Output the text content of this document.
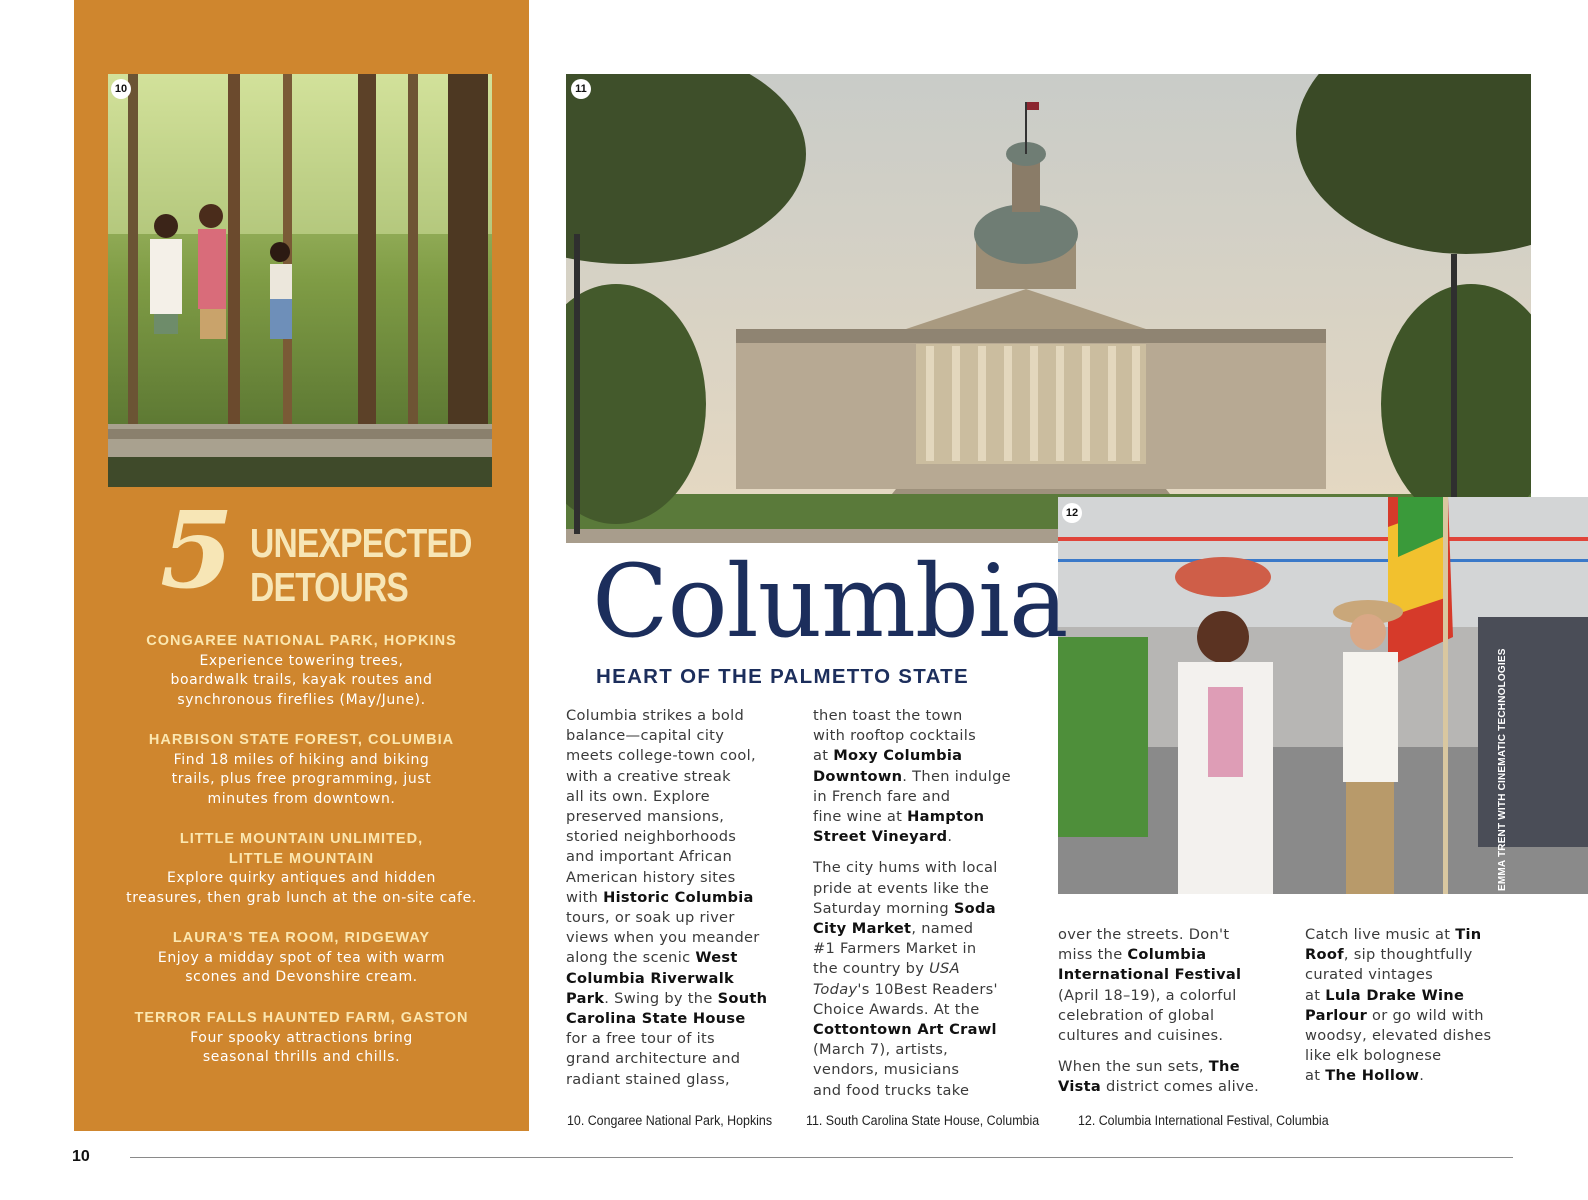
10	11
12
EMMA TRENT WITH CINEMATIC TECHNOLOGIES
5 UNEXPECTED
DETOURS
CONGAREE NATIONAL PARK, HOPKINS
Experience towering trees,
boardwalk trails, kayak routes and
synchronous fireflies (May/June).
HARBISON STATE FOREST, COLUMBIA
Find 18 miles of hiking and biking
trails, plus free programming, just
minutes from downtown.
LITTLE MOUNTAIN UNLIMITED,
LITTLE MOUNTAIN
Explore quirky antiques and hidden
treasures, then grab lunch at the on-site cafe.
LAURA'S TEA ROOM, RIDGEWAY
Enjoy a midday spot of tea with warm
scones and Devonshire cream.
TERROR FALLS HAUNTED FARM, GASTON
Four spooky attractions bring
seasonal thrills and chills.
Columbia
HEART OF THE PALMETTO STATE
Columbia strikes a bold
balance—capital city
meets college-town cool,
with a creative streak
all its own. Explore
preserved mansions,
storied neighborhoods
and important African
American history sites
with Historic Columbia
tours, or soak up river
views when you meander
along the scenic West
Columbia Riverwalk
Park. Swing by the South
Carolina State House
for a free tour of its
grand architecture and
radiant stained glass,

then toast the town
with rooftop cocktails
at Moxy Columbia
Downtown. Then indulge
in French fare and
fine wine at Hampton
Street Vineyard.

The city hums with local
pride at events like the
Saturday morning Soda
City Market, named
#1 Farmers Market in
the country by USA
Today's 10Best Readers'
Choice Awards. At the
Cottontown Art Crawl
(March 7), artists,
vendors, musicians
and food trucks take

over the streets. Don't
miss the Columbia
International Festival
(April 18–19), a colorful
celebration of global
cultures and cuisines.

When the sun sets, The
Vista district comes alive.

Catch live music at Tin
Roof, sip thoughtfully
curated vintages
at Lula Drake Wine
Parlour or go wild with
woodsy, elevated dishes
like elk bolognese
at The Hollow.

10. Congaree National Park, Hopkins	11. South Carolina State House, Columbia	12. Columbia International Festival, Columbia
10
